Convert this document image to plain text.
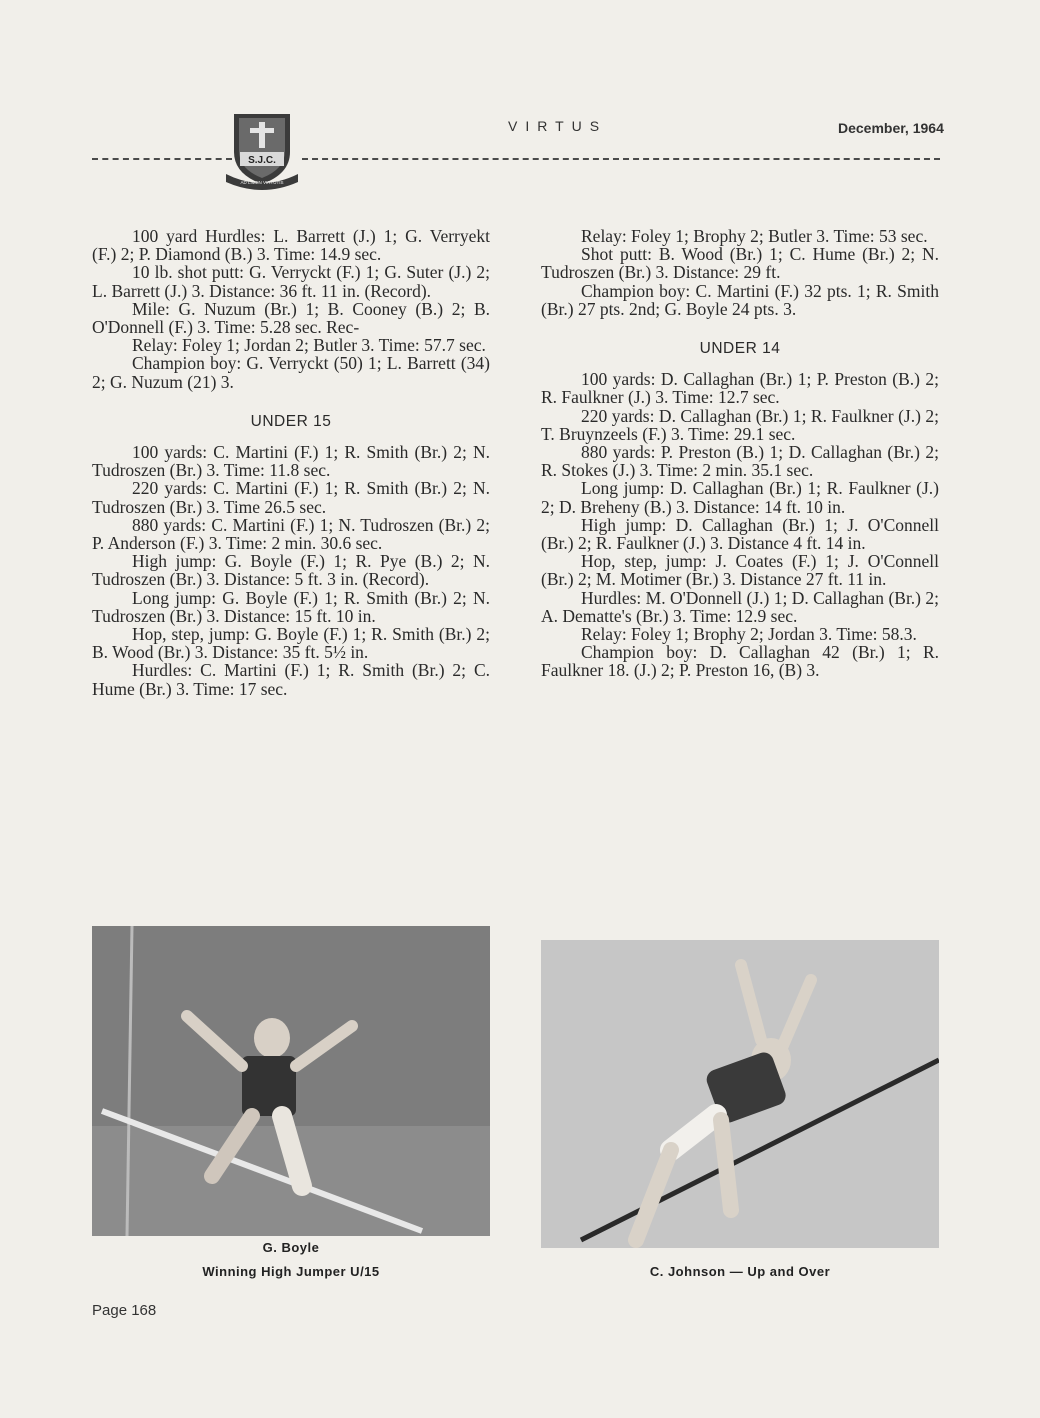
S.J.C.
AD LIMEN VIRTUTIS
VIRTUS	December, 1964

100 yard Hurdles: L. Barrett (J.) 1; G. Verryekt (F.) 2; P. Diamond (B.) 3. Time: 14.9 sec.

10 lb. shot putt: G. Verryckt (F.) 1; G. Suter (J.) 2; L. Barrett (J.) 3. Distance: 36 ft. 11 in. (Record).

Mile: G. Nuzum (Br.) 1; B. Cooney (B.) 2; B. O'Donnell (F.) 3. Time: 5.28 sec. Rec-

Relay: Foley 1; Jordan 2; Butler 3. Time: 57.7 sec.

Champion boy: G. Verryckt (50) 1; L. Barrett (34) 2; G. Nuzum (21) 3.

UNDER 15

100 yards: C. Martini (F.) 1; R. Smith (Br.) 2; N. Tudroszen (Br.) 3. Time: 11.8 sec.

220 yards: C. Martini (F.) 1; R. Smith (Br.) 2; N. Tudroszen (Br.) 3. Time 26.5 sec.

880 yards: C. Martini (F.) 1; N. Tudroszen (Br.) 2; P. Anderson (F.) 3. Time: 2 min. 30.6 sec.

High jump: G. Boyle (F.) 1; R. Pye (B.) 2; N. Tudroszen (Br.) 3. Distance: 5 ft. 3 in. (Record).

Long jump: G. Boyle (F.) 1; R. Smith (Br.) 2; N. Tudroszen (Br.) 3. Distance: 15 ft. 10 in.

Hop, step, jump: G. Boyle (F.) 1; R. Smith (Br.) 2; B. Wood (Br.) 3. Distance: 35 ft. 5½ in.

Hurdles: C. Martini (F.) 1; R. Smith (Br.) 2; C. Hume (Br.) 3. Time: 17 sec.

Relay: Foley 1; Brophy 2; Butler 3. Time: 53 sec.

Shot putt: B. Wood (Br.) 1; C. Hume (Br.) 2; N. Tudroszen (Br.) 3. Distance: 29 ft.

Champion boy: C. Martini (F.) 32 pts. 1; R. Smith (Br.) 27 pts. 2nd; G. Boyle 24 pts. 3.

UNDER 14

100 yards: D. Callaghan (Br.) 1; P. Preston (B.) 2; R. Faulkner (J.) 3. Time: 12.7 sec.

220 yards: D. Callaghan (Br.) 1; R. Faulkner (J.) 2; T. Bruynzeels (F.) 3. Time: 29.1 sec.

880 yards: P. Preston (B.) 1; D. Callaghan (Br.) 2; R. Stokes (J.) 3. Time: 2 min. 35.1 sec.

Long jump: D. Callaghan (Br.) 1; R. Faulkner (J.) 2; D. Breheny (B.) 3. Distance: 14 ft. 10 in.

High jump: D. Callaghan (Br.) 1; J. O'Connell (Br.) 2; R. Faulkner (J.) 3. Distance 4 ft. 14 in.

Hop, step, jump: J. Coates (F.) 1; J. O'Connell (Br.) 2; M. Motimer (Br.) 3. Distance 27 ft. 11 in.

Hurdles: M. O'Donnell (J.) 1; D. Callaghan (Br.) 2; A. Dematte's (Br.) 3. Time: 12.9 sec.

Relay: Foley 1; Brophy 2; Jordan 3. Time: 58.3.

Champion boy: D. Callaghan 42 (Br.) 1; R. Faulkner 18. (J.) 2; P. Preston 16, (B) 3.

G. Boyle
Winning High Jumper U/15	C. Johnson — Up and Over
Page 168
